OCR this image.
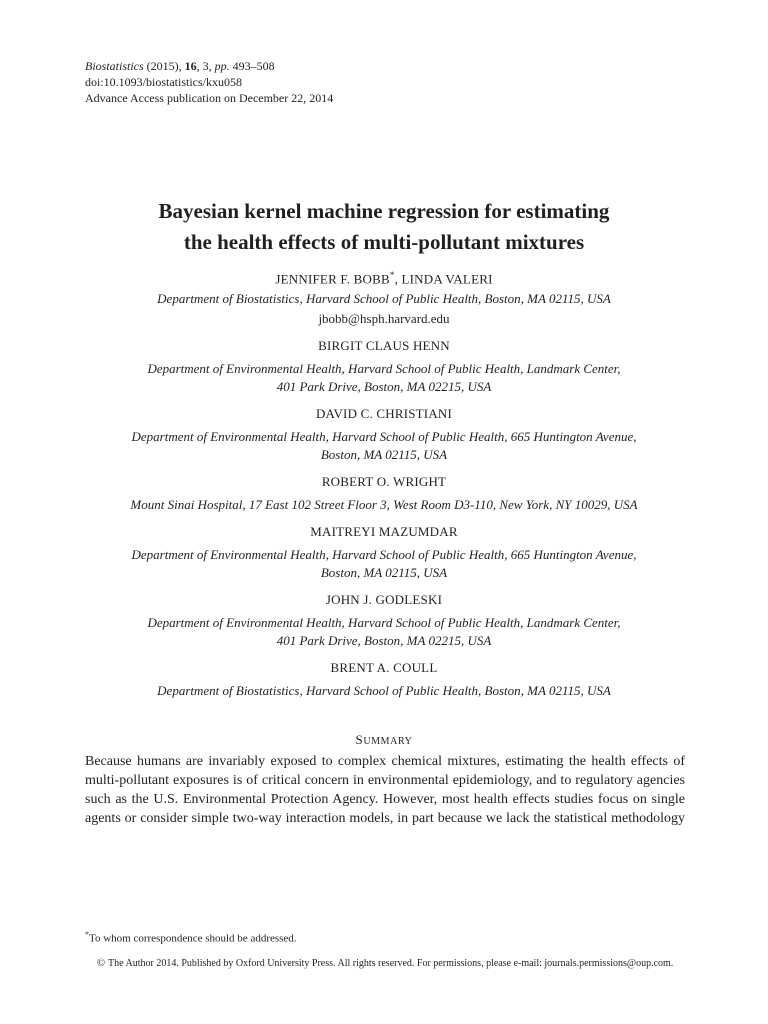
Biostatistics (2015), 16, 3, pp. 493–508
doi:10.1093/biostatistics/kxu058
Advance Access publication on December 22, 2014
Bayesian kernel machine regression for estimating
the health effects of multi-pollutant mixtures
JENNIFER F. BOBB*, LINDA VALERI
Department of Biostatistics, Harvard School of Public Health, Boston, MA 02115, USA
jbobb@hsph.harvard.edu
BIRGIT CLAUS HENN
Department of Environmental Health, Harvard School of Public Health, Landmark Center,
401 Park Drive, Boston, MA 02215, USA
DAVID C. CHRISTIANI
Department of Environmental Health, Harvard School of Public Health, 665 Huntington Avenue,
Boston, MA 02115, USA
ROBERT O. WRIGHT
Mount Sinai Hospital, 17 East 102 Street Floor 3, West Room D3-110, New York, NY 10029, USA
MAITREYI MAZUMDAR
Department of Environmental Health, Harvard School of Public Health, 665 Huntington Avenue,
Boston, MA 02115, USA
JOHN J. GODLESKI
Department of Environmental Health, Harvard School of Public Health, Landmark Center,
401 Park Drive, Boston, MA 02215, USA
BRENT A. COULL
Department of Biostatistics, Harvard School of Public Health, Boston, MA 02115, USA
SUMMARY
Because humans are invariably exposed to complex chemical mixtures, estimating the health effects of
multi-pollutant exposures is of critical concern in environmental epidemiology, and to regulatory agencies
such as the U.S. Environmental Protection Agency. However, most health effects studies focus on single
agents or consider simple two-way interaction models, in part because we lack the statistical methodology
*To whom correspondence should be addressed.
© The Author 2014. Published by Oxford University Press. All rights reserved. For permissions, please e-mail: journals.permissions@oup.com.
